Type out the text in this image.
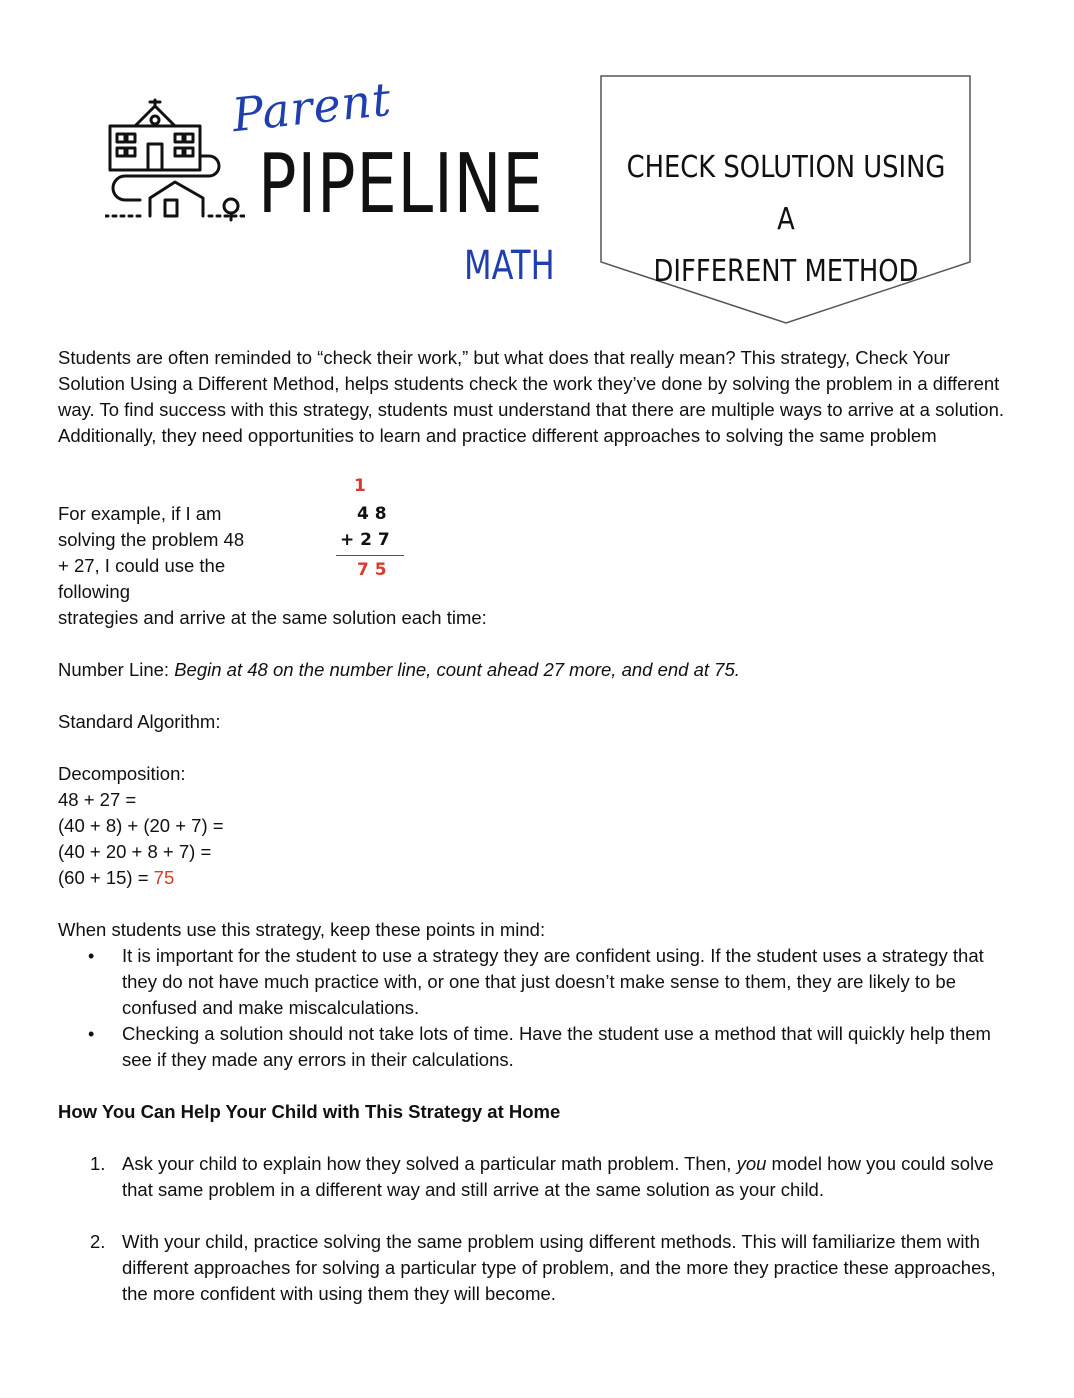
Parent
PIPELINE
MATH
CHECK SOLUTION USING A
DIFFERENT METHOD

Students are often reminded to “check their work,” but what does that really mean? This strategy, Check Your Solution Using a Different Method, helps students check the work they’ve done by solving the problem in a different way. To find success with this strategy, students must understand that there are multiple ways to arrive at a solution. Additionally, they need opportunities to learn and practice different approaches to solving the same problem

For example, if I am solving the problem 48 + 27, I could use the following

1
4 8
+ 2 7
7 5

strategies and arrive at the same solution each time:

Number Line: Begin at 48 on the number line, count ahead 27 more, and end at 75.

Standard Algorithm:

Decomposition:

48 + 27 =

(40 + 8) + (20 + 7) =

(40 + 20 + 8 + 7) =

(60 + 15) = 75

When students use this strategy, keep these points in mind:

• It is important for the student to use a strategy they are confident using. If the student uses a strategy that they do not have much practice with, or one that just doesn’t make sense to them, they are likely to be confused and make miscalculations.
• Checking a solution should not take lots of time. Have the student use a method that will quickly help them see if they made any errors in their calculations.

How You Can Help Your Child with This Strategy at Home

1. Ask your child to explain how they solved a particular math problem. Then, you model how you could solve that same problem in a different way and still arrive at the same solution as your child.
2. With your child, practice solving the same problem using different methods. This will familiarize them with different approaches for solving a particular type of problem, and the more they practice these approaches, the more confident with using them they will become.
